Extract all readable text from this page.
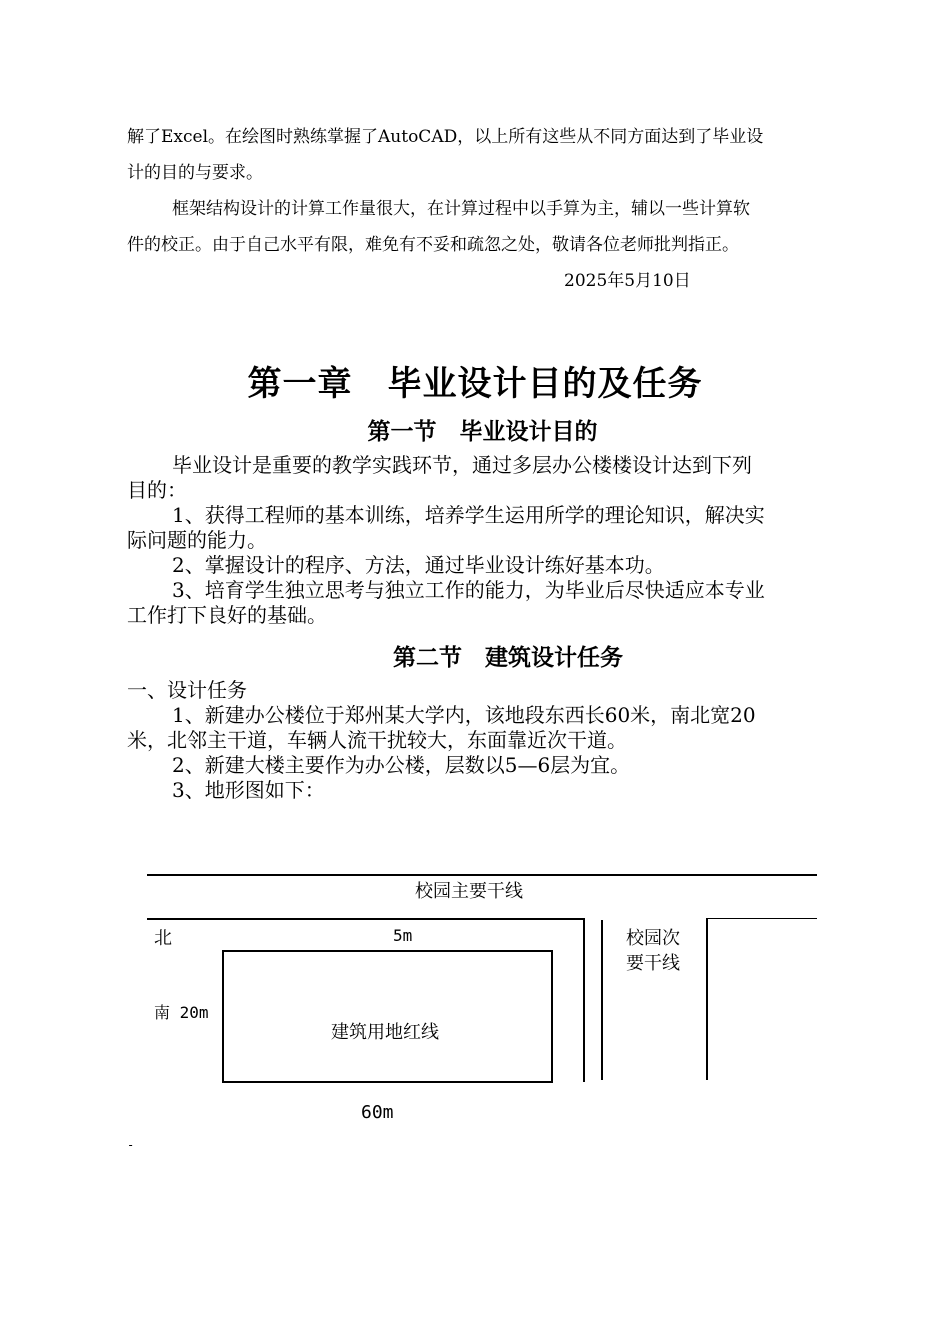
解了Excel。在绘图时熟练掌握了AutoCAD，以上所有这些从不同方面达到了毕业设
计的目的与要求。
框架结构设计的计算工作量很大，在计算过程中以手算为主，辅以一些计算软
件的校正。由于自己水平有限，难免有不妥和疏忽之处，敬请各位老师批判指正。
2025年5月10日
第一章　毕业设计目的及任务
第一节　毕业设计目的
毕业设计是重要的教学实践环节，通过多层办公楼楼设计达到下列
目的：
1、获得工程师的基本训练，培养学生运用所学的理论知识，解决实
际问题的能力。
2、掌握设计的程序、方法，通过毕业设计练好基本功。
3、培育学生独立思考与独立工作的能力，为毕业后尽快适应本专业
工作打下良好的基础。
第二节　建筑设计任务
一、设计任务
1、新建办公楼位于郑州某大学内，该地段东西长60米，南北宽20
米，北邻主干道，车辆人流干扰较大，东面靠近次干道。
2、新建大楼主要作为办公楼，层数以5—6层为宜。
3、地形图如下：
校园主要干线
北	5m	校园次
要干线
南 20m
建筑用地红线
60m
-
